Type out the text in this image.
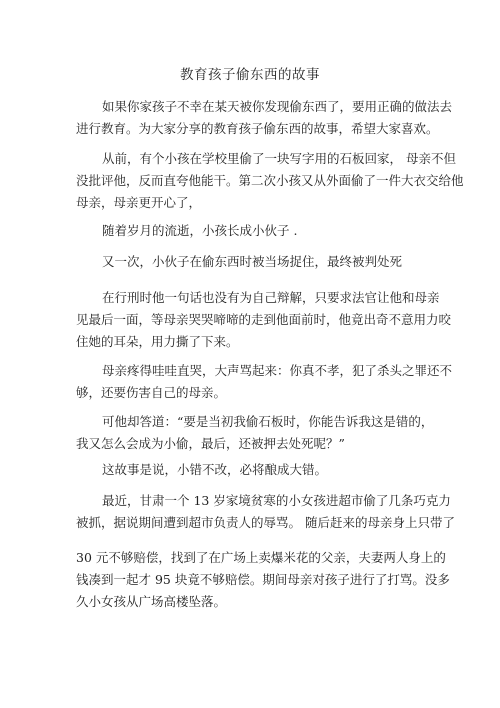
教育孩子偷东西的故事
如果你家孩子不幸在某天被你发现偷东西了，要用正确的做法去
进行教育。为大家分享的教育孩子偷东西的故事，希望大家喜欢。
从前，有个小孩在学校里偷了一块写字用的石板回家， 母亲不但
没批评他，反而直夸他能干。第二次小孩又从外面偷了一件大衣交给他
母亲，母亲更开心了，
随着岁月的流逝，小孩长成小伙子 .
又一次，小伙子在偷东西时被当场捉住，最终被判处死
在行刑时他一句话也没有为自己辩解，只要求法官让他和母亲
见最后一面，等母亲哭哭啼啼的走到他面前时，他竟出奇不意用力咬
住她的耳朵，用力撕了下来。
母亲疼得哇哇直哭，大声骂起来：你真不孝，犯了杀头之罪还不
够，还要伤害自己的母亲。
可他却答道：“要是当初我偷石板时，你能告诉我这是错的，
我又怎么会成为小偷，最后，还被押去处死呢？”
这故事是说，小错不改，必将酿成大错。
最近，甘肃一个 13 岁家境贫寒的小女孩进超市偷了几条巧克力
被抓，据说期间遭到超市负责人的辱骂。 随后赶来的母亲身上只带了
30 元不够赔偿，找到了在广场上卖爆米花的父亲，夫妻两人身上的
钱凑到一起才 95 块竟不够赔偿。期间母亲对孩子进行了打骂。没多
久小女孩从广场高楼坠落。
